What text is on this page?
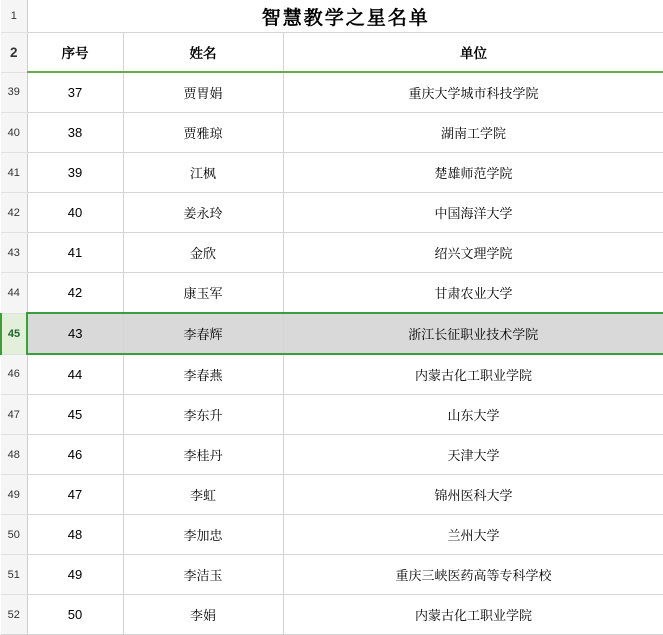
1	智慧教学之星名单		
2	序号	姓名	单位
39	37	贾胃娟	重庆大学城市科技学院
40	38	贾雅琼	湖南工学院
41	39	江枫	楚雄师范学院
42	40	姜永玲	中国海洋大学
43	41	金欣	绍兴文理学院
44	42	康玉军	甘肃农业大学
45	43	李春辉	浙江长征职业技术学院
46	44	李春燕	内蒙古化工职业学院
47	45	李东升	山东大学
48	46	李桂丹	天津大学
49	47	李虹	锦州医科大学
50	48	李加忠	兰州大学
51	49	李洁玉	重庆三峡医药高等专科学校
52	50	李娟	内蒙古化工职业学院
